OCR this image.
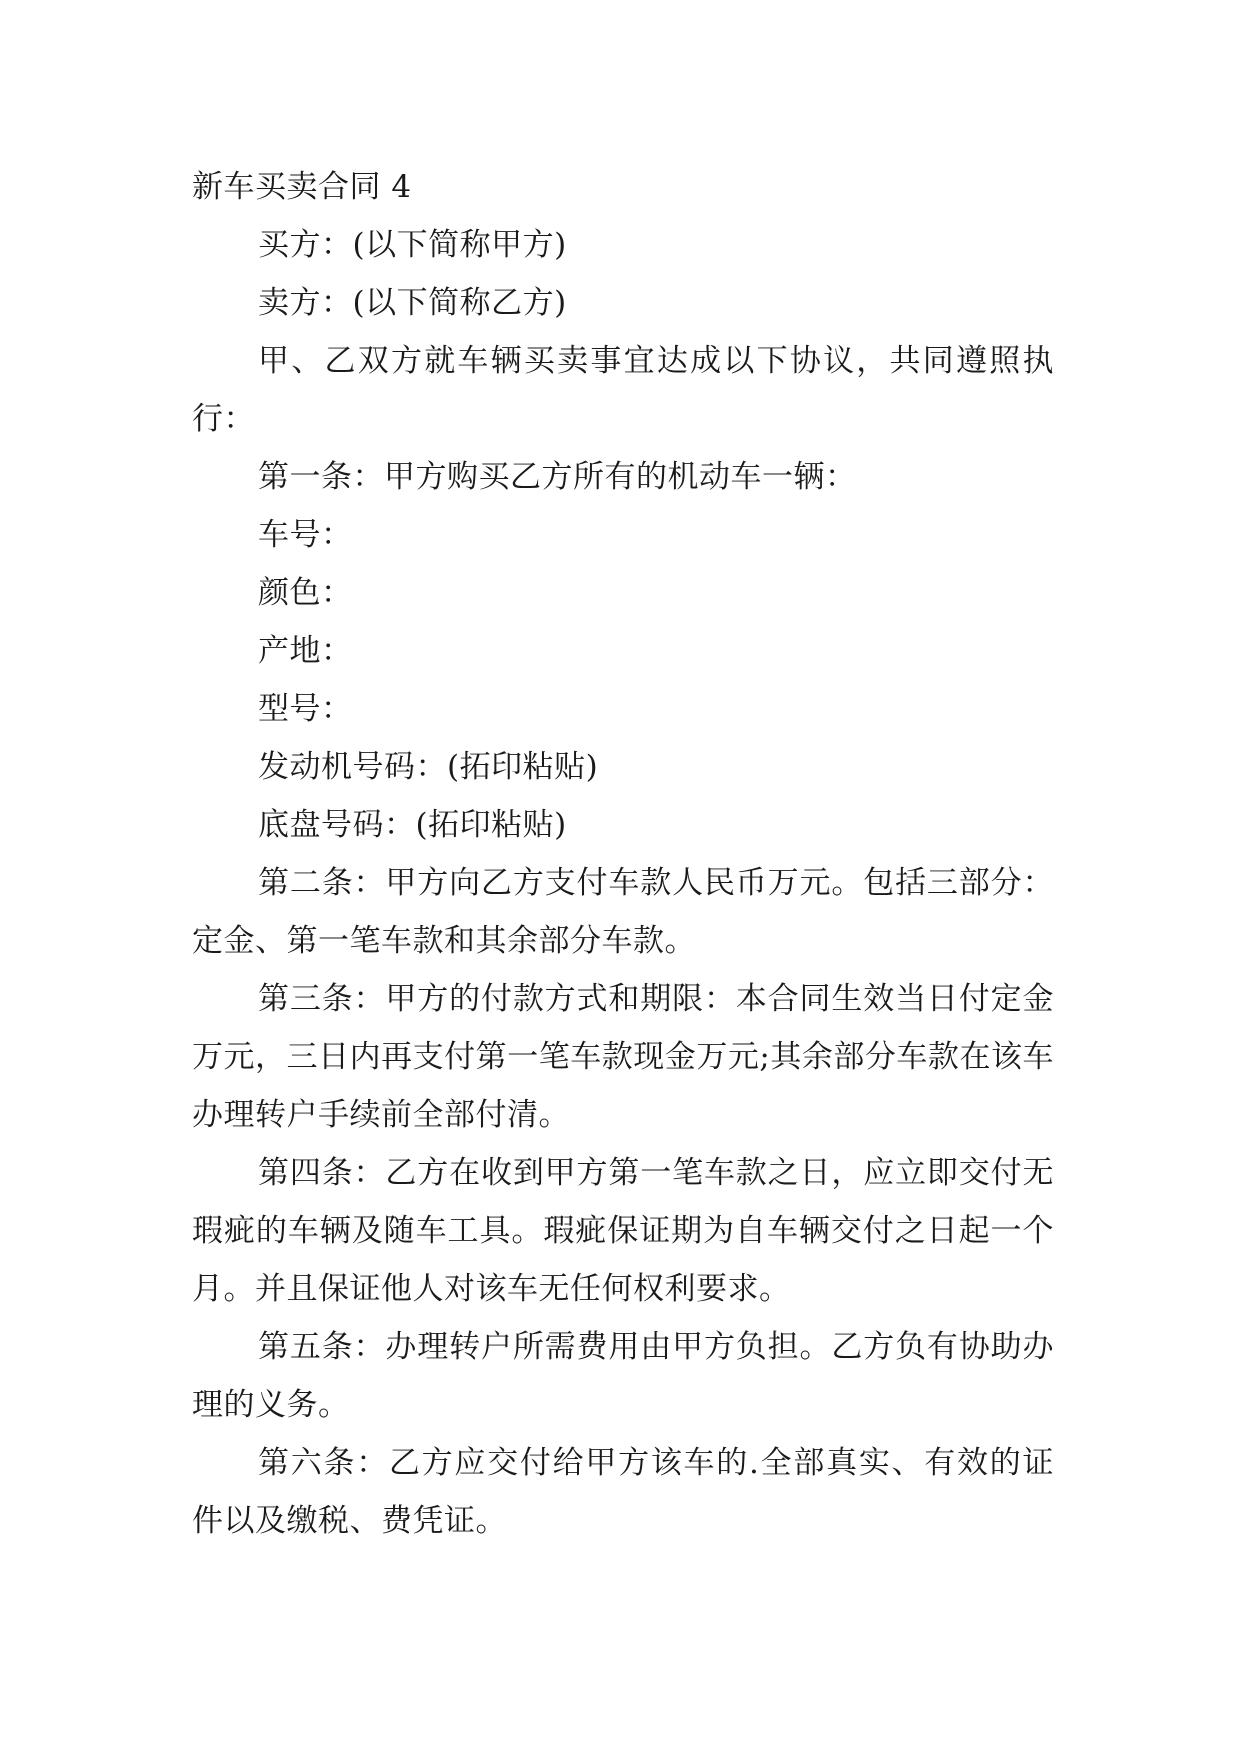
新车买卖合同 4

买方：(以下简称甲方)

卖方：(以下简称乙方)

甲、乙双方就车辆买卖事宜达成以下协议，共同遵照执行：

第一条：甲方购买乙方所有的机动车一辆：

车号：

颜色：

产地：

型号：

发动机号码：(拓印粘贴)

底盘号码：(拓印粘贴)

第二条：甲方向乙方支付车款人民币万元。包括三部分：定金、第一笔车款和其余部分车款。

第三条：甲方的付款方式和期限：本合同生效当日付定金万元，三日内再支付第一笔车款现金万元;其余部分车款在该车办理转户手续前全部付清。

第四条：乙方在收到甲方第一笔车款之日，应立即交付无瑕疵的车辆及随车工具。瑕疵保证期为自车辆交付之日起一个月。并且保证他人对该车无任何权利要求。

第五条：办理转户所需费用由甲方负担。乙方负有协助办理的义务。

第六条：乙方应交付给甲方该车的.全部真实、有效的证件以及缴税、费凭证。
